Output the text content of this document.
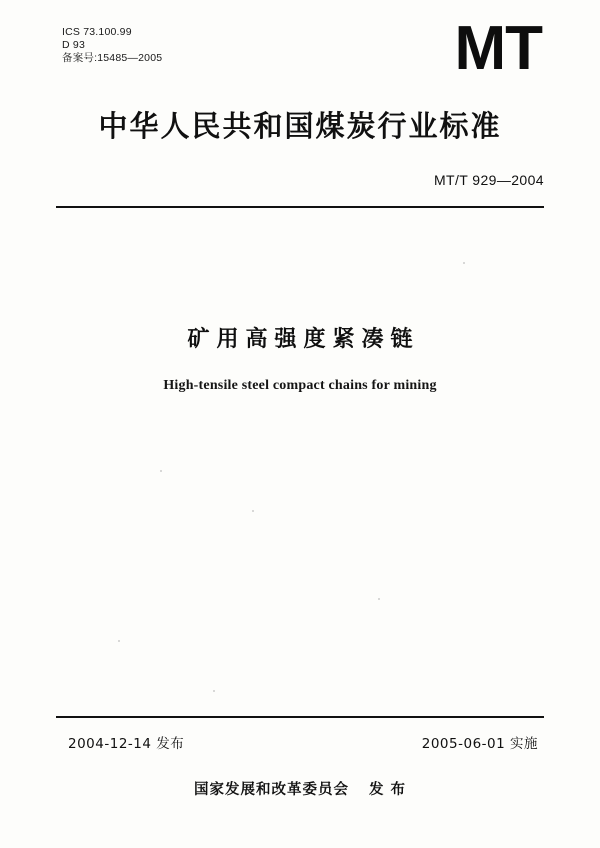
ICS 73.100.99
D 93
备案号:15485—2005	MT
中华人民共和国煤炭行业标准
MT/T 929—2004
矿用高强度紧凑链
High-tensile steel compact chains for mining
2004-12-14 发布	2005-06-01 实施
国家发展和改革委员会 发 布
